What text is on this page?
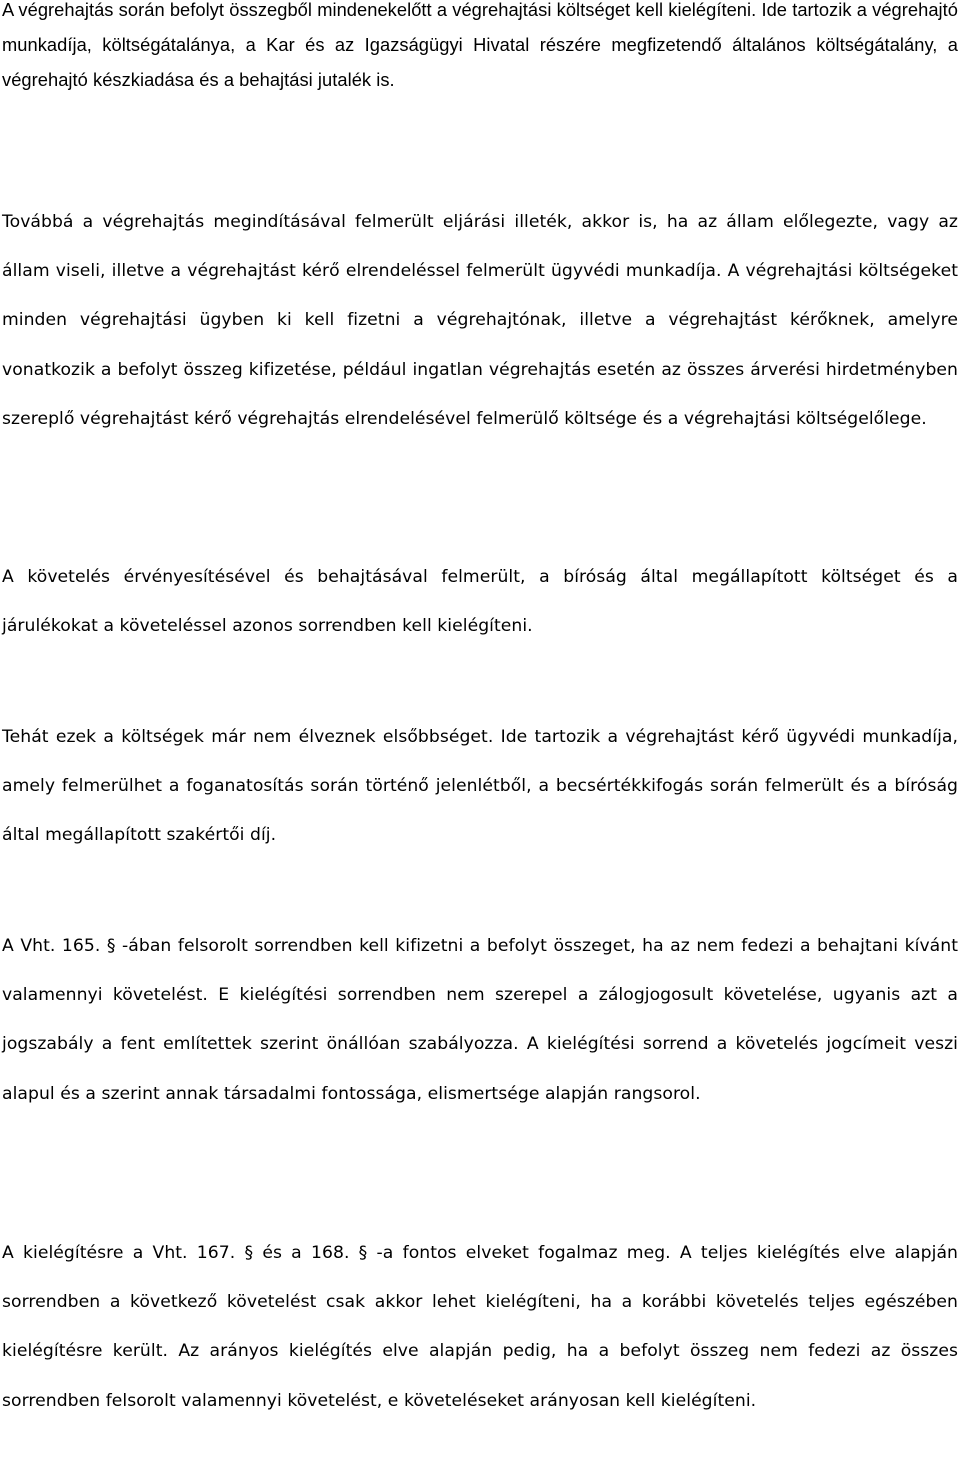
A végrehajtás során befolyt összegből mindenekelőtt a végrehajtási költséget kell kielégíteni. Ide tartozik a végrehajtó munkadíja, költségátalánya, a Kar és az Igazságügyi Hivatal részére megfizetendő általános költségátalány, a végrehajtó készkiadása és a behajtási jutalék is.

Továbbá a végrehajtás megindításával felmerült eljárási illeték, akkor is, ha az állam előlegezte, vagy az állam viseli, illetve a végrehajtást kérő elrendeléssel felmerült ügyvédi munkadíja. A végrehajtási költségeket minden végrehajtási ügyben ki kell fizetni a végrehajtónak, illetve a végrehajtást kérőknek, amelyre vonatkozik a befolyt összeg kifizetése, például ingatlan végrehajtás esetén az összes árverési hirdetményben szereplő végrehajtást kérő végrehajtás elrendelésével felmerülő költsége és a végrehajtási költségelőlege.

A követelés érvényesítésével és behajtásával felmerült, a bíróság által megállapított költséget és a járulékokat a követeléssel azonos sorrendben kell kielégíteni.

Tehát ezek a költségek már nem élveznek elsőbbséget. Ide tartozik a végrehajtást kérő ügyvédi munkadíja, amely felmerülhet a foganatosítás során történő jelenlétből, a becsértékkifogás során felmerült és a bíróság által megállapított szakértői díj.

A Vht. 165. § -ában felsorolt sorrendben kell kifizetni a befolyt összeget, ha az nem fedezi a behajtani kívánt valamennyi követelést. E kielégítési sorrendben nem szerepel a zálogjogosult követelése, ugyanis azt a jogszabály a fent említettek szerint önállóan szabályozza. A kielégítési sorrend a követelés jogcímeit veszi alapul és a szerint annak társadalmi fontossága, elismertsége alapján rangsorol.

A kielégítésre a Vht. 167. § és a 168. § -a fontos elveket fogalmaz meg. A teljes kielégítés elve alapján sorrendben a következő követelést csak akkor lehet kielégíteni, ha a korábbi követelés teljes egészében kielégítésre került. Az arányos kielégítés elve alapján pedig, ha a befolyt összeg nem fedezi az összes sorrendben felsorolt valamennyi követelést, e követeléseket arányosan kell kielégíteni.
